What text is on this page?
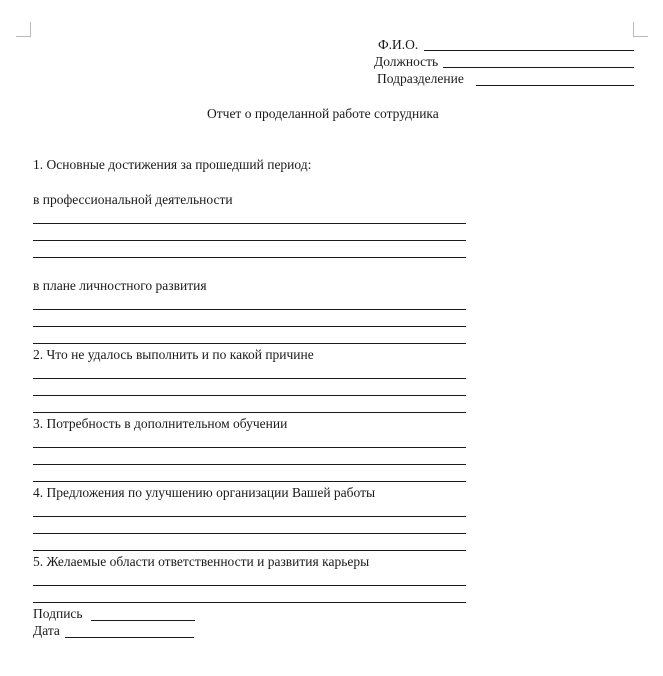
Ф.И.О.
Должность
Подразделение
Отчет о проделанной работе сотрудника
1. Основные достижения за прошедший период:
в профессиональной деятельности
в плане личностного развития
2. Что не удалось выполнить и по какой причине
3. Потребность в дополнительном обучении
4. Предложения по улучшению организации Вашей работы
5. Желаемые области ответственности и развития карьеры
Подпись
Дата
